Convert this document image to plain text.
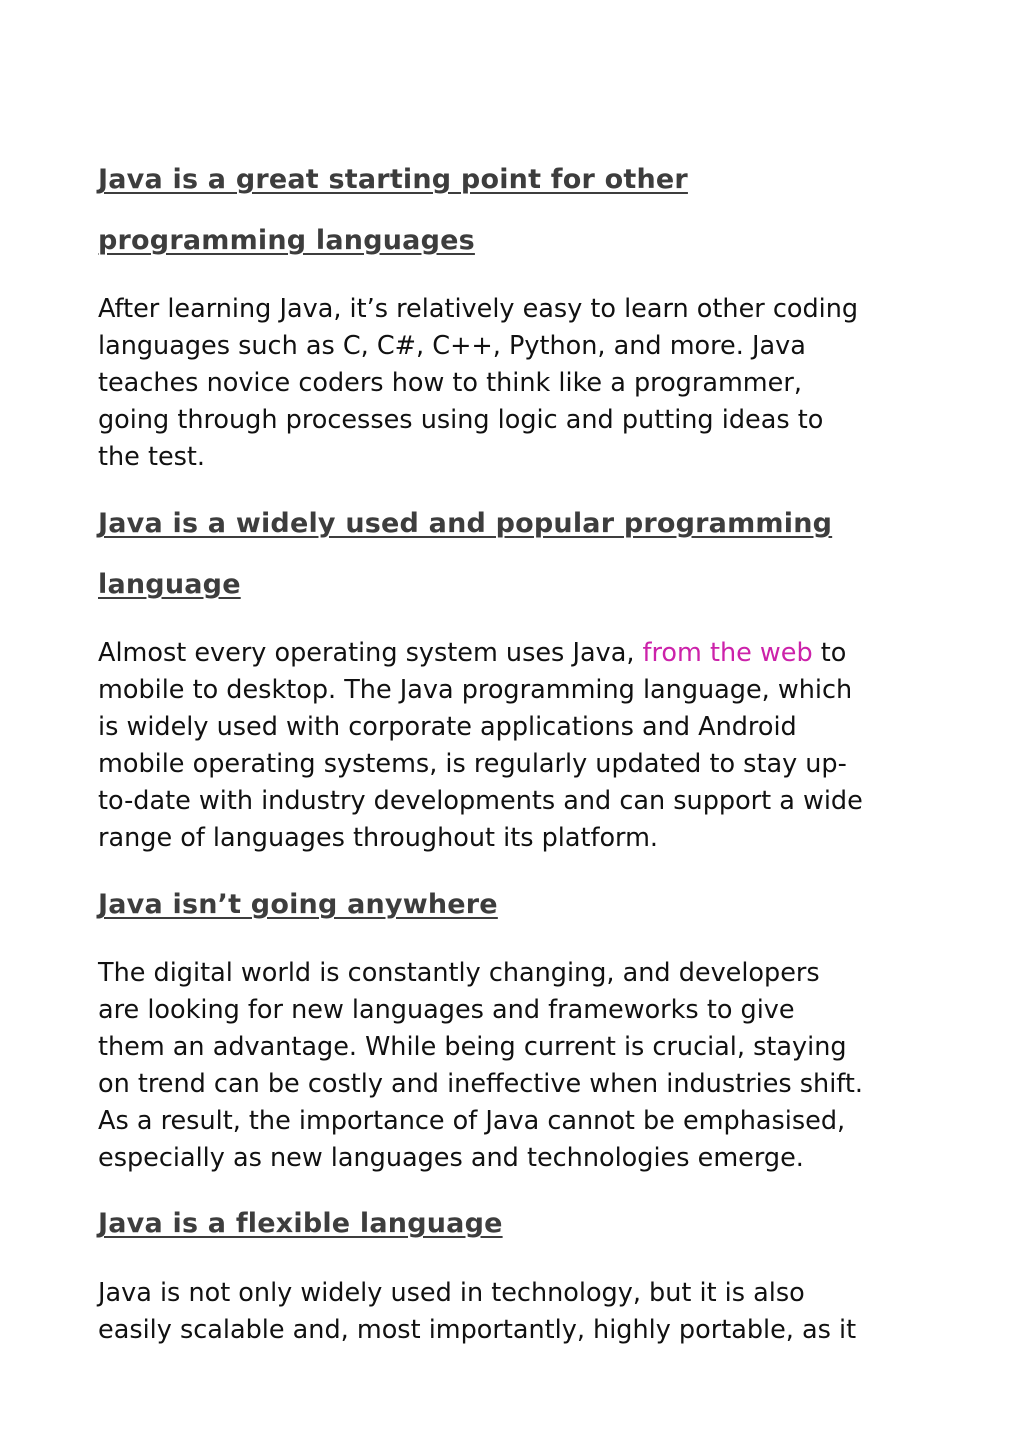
Java is a great starting point for other
programming languages
After learning Java, it’s relatively easy to learn other coding
languages such as C, C#, C++, Python, and more. Java
teaches novice coders how to think like a programmer,
going through processes using logic and putting ideas to
the test.
Java is a widely used and popular programming
language
Almost every operating system uses Java, from the web to
mobile to desktop. The Java programming language, which
is widely used with corporate applications and Android
mobile operating systems, is regularly updated to stay up-
to-date with industry developments and can support a wide
range of languages throughout its platform.
Java isn’t going anywhere
The digital world is constantly changing, and developers
are looking for new languages and frameworks to give
them an advantage. While being current is crucial, staying
on trend can be costly and ineffective when industries shift.
As a result, the importance of Java cannot be emphasised,
especially as new languages and technologies emerge.
Java is a flexible language
Java is not only widely used in technology, but it is also
easily scalable and, most importantly, highly portable, as it
